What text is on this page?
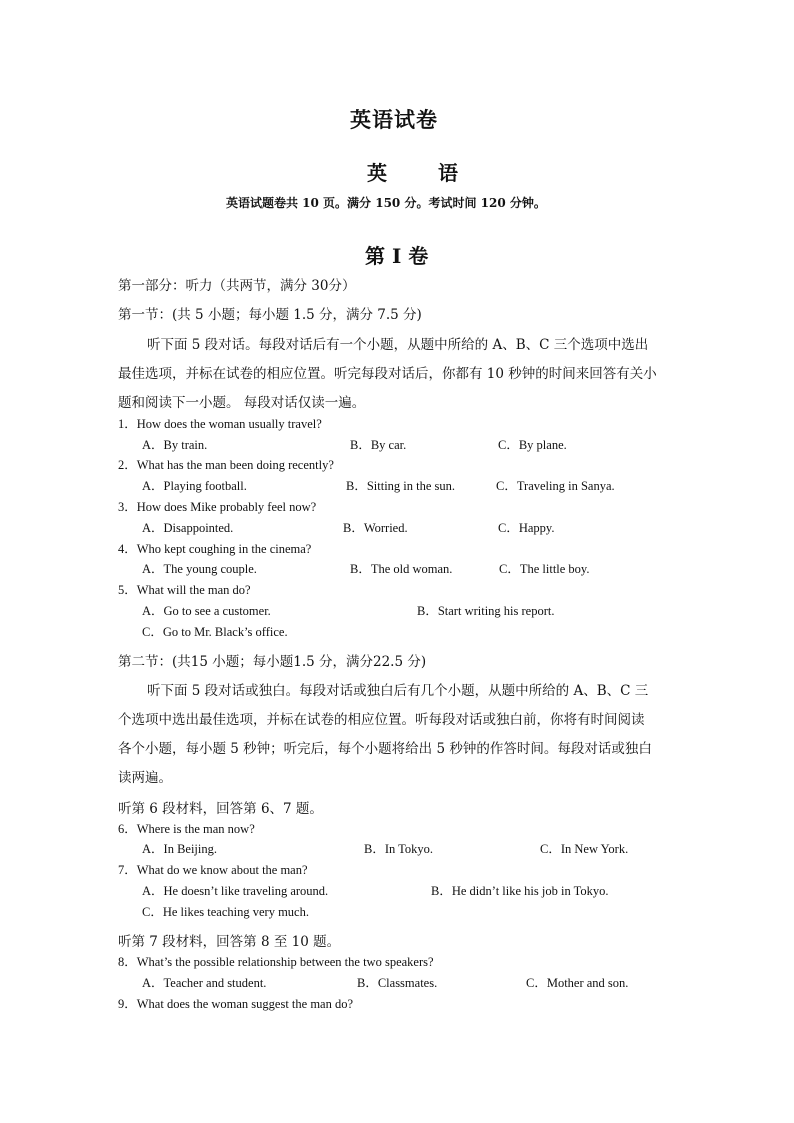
英语试卷
英 语
英语试题卷共 10 页。满分 150 分。考试时间 120 分钟。
第 I 卷
第一部分：听力（共两节，满分 30分）
第一节：(共 5 小题；每小题 1.5 分，满分 7.5 分)
听下面 5 段对话。每段对话后有一个小题，从题中所给的 A、B、C 三个选项中选出
最佳选项，并标在试卷的相应位置。听完每段对话后，你都有 10 秒钟的时间来回答有关小
题和阅读下一小题。 每段对话仅读一遍。
1．How does the woman usually travel?
A．By train.	B．By car.	C．By plane.
2．What has the man been doing recently?
A．Playing football.	B．Sitting in the sun.	C．Traveling in Sanya.
3．How does Mike probably feel now?
A．Disappointed.	B．Worried.	C．Happy.
4．Who kept coughing in the cinema?
A．The young couple.	B．The old woman.	C．The little boy.
5．What will the man do?
A．Go to see a customer.	B．Start writing his report.
C．Go to Mr. Black’s office.
第二节：(共15 小题；每小题1.5 分，满分22.5 分)
听下面 5 段对话或独白。每段对话或独白后有几个小题，从题中所给的 A、B、C 三
个选项中选出最佳选项，并标在试卷的相应位置。听每段对话或独白前，你将有时间阅读
各个小题，每小题 5 秒钟；听完后，每个小题将给出 5 秒钟的作答时间。每段对话或独白
读两遍。
听第 6 段材料，回答第 6、7 题。
6．Where is the man now?
A．In Beijing.	B．In Tokyo.	C．In New York.
7．What do we know about the man?
A．He doesn’t like traveling around.	B．He didn’t like his job in Tokyo.
C．He likes teaching very much.
听第 7 段材料，回答第 8 至 10 题。
8．What’s the possible relationship between the two speakers?
A．Teacher and student.	B．Classmates.	C．Mother and son.
9．What does the woman suggest the man do?
